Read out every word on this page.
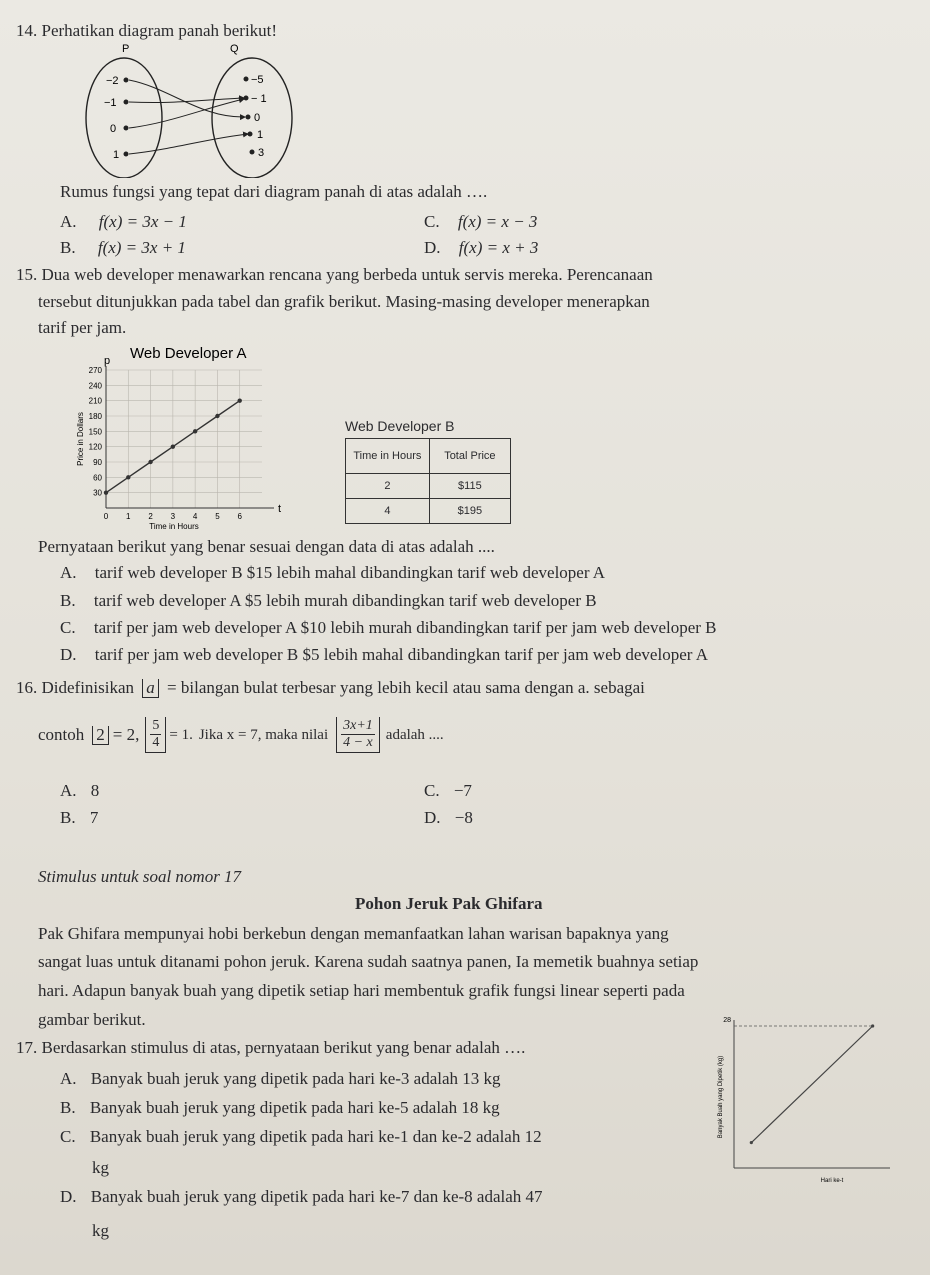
14. Perhatikan diagram panah berikut!
P	Q
−2
−1
0
1
−5
− 1
0
1
3
Rumus fungsi yang tepat dari diagram panah di atas adalah ….
A. f(x) = 3x − 1
B. f(x) = 3x + 1
C. f(x) = x − 3
D. f(x) = x + 3
15. Dua web developer menawarkan rencana yang berbeda untuk servis mereka. Perencanaan
tersebut ditunjukkan pada tabel dan grafik berikut. Masing-masing developer menerapkan
tarif per jam.
Web Developer A
p
t
30
60
90
120
150
180
210
240
270
0 1 2 3 4 5 6
Time in Hours
Price in Dollars	Web Developer B
Time in Hours	Total Price
2	$115
4	$195
Pernyataan berikut yang benar sesuai dengan data di atas adalah ....
A. tarif web developer B $15 lebih mahal dibandingkan tarif web developer A
B. tarif web developer A $5 lebih murah dibandingkan tarif web developer B
C. tarif per jam web developer A $10 lebih murah dibandingkan tarif per jam web developer B
D. tarif per jam web developer B $5 lebih mahal dibandingkan tarif per jam web developer A
16. Didefinisikan a = bilangan bulat terbesar yang lebih kecil atau sama dengan a. sebagai
contoh 2 = 2, $\frac{5}{4} = 1$. Jika x = 7, maka nilai $\frac{3x+1}{4 - x}$ adalah ....
A. 8
B. 7
C. −7
D. −8
Stimulus untuk soal nomor 17
Pohon Jeruk Pak Ghifara
Pak Ghifara mempunyai hobi berkebun dengan memanfaatkan lahan warisan bapaknya yang
sangat luas untuk ditanami pohon jeruk. Karena sudah saatnya panen, Ia memetik buahnya setiap
hari. Adapun banyak buah yang dipetik setiap hari membentuk grafik fungsi linear seperti pada
gambar berikut.
17. Berdasarkan stimulus di atas, pernyataan berikut yang benar adalah ….
A. Banyak buah jeruk yang dipetik pada hari ke-3 adalah 13 kg
B. Banyak buah jeruk yang dipetik pada hari ke-5 adalah 18 kg
C. Banyak buah jeruk yang dipetik pada hari ke-1 dan ke-2 adalah 12
kg
D. Banyak buah jeruk yang dipetik pada hari ke-7 dan ke-8 adalah 47
kg
28
Hari ke-t
Banyak Buah yang Dipetik (kg)
